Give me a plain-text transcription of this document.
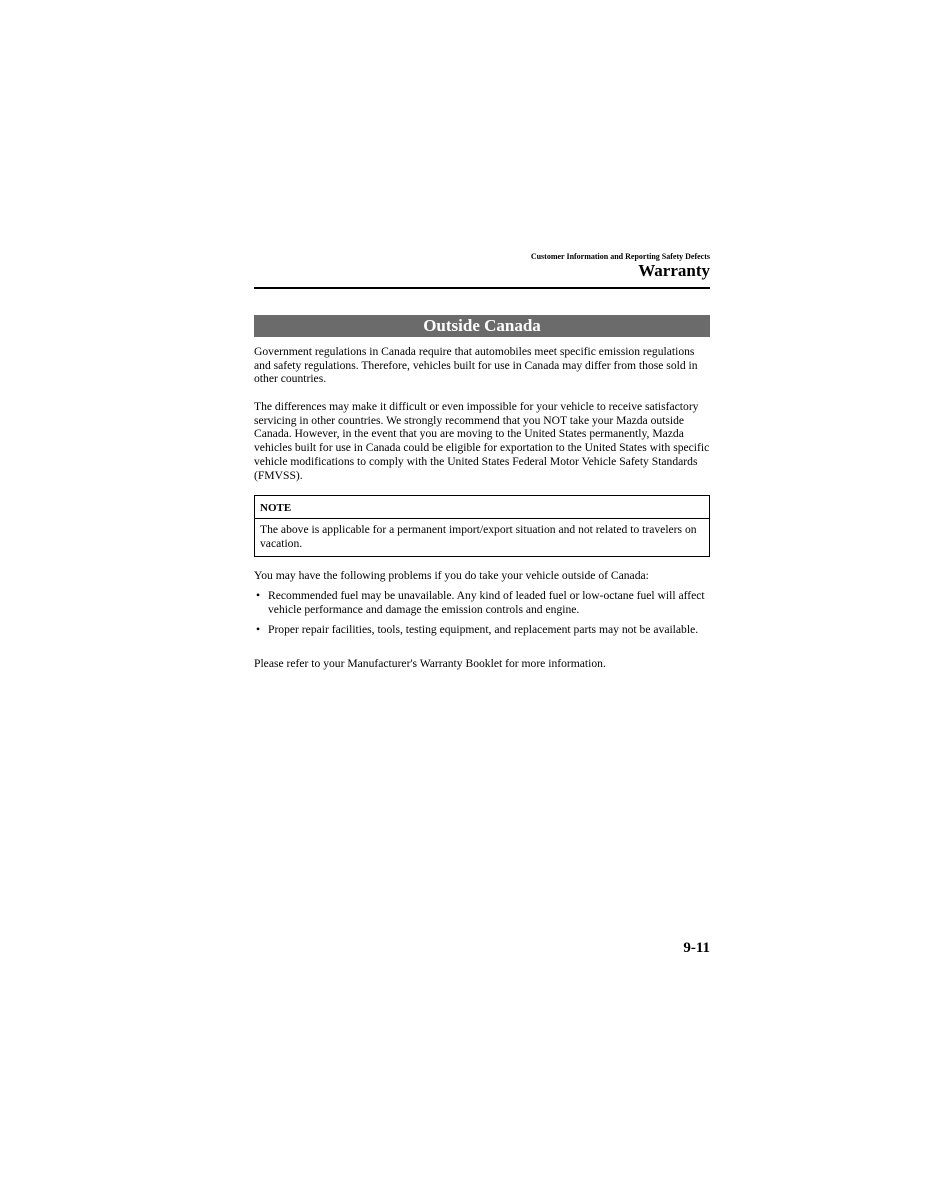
Customer Information and Reporting Safety Defects
Warranty
Outside Canada

Government regulations in Canada require that automobiles meet specific emission regulations and safety regulations. Therefore, vehicles built for use in Canada may differ from those sold in other countries.

The differences may make it difficult or even impossible for your vehicle to receive satisfactory servicing in other countries. We strongly recommend that you NOT take your Mazda outside Canada. However, in the event that you are moving to the United States permanently, Mazda vehicles built for use in Canada could be eligible for exportation to the United States with specific vehicle modifications to comply with the United States Federal Motor Vehicle Safety Standards (FMVSS).

NOTE

The above is applicable for a permanent import/export situation and not related to travelers on vacation.

You may have the following problems if you do take your vehicle outside of Canada:

• Recommended fuel may be unavailable. Any kind of leaded fuel or low-octane fuel will affect vehicle performance and damage the emission controls and engine.
• Proper repair facilities, tools, testing equipment, and replacement parts may not be available.

Please refer to your Manufacturer's Warranty Booklet for more information.

9-11
